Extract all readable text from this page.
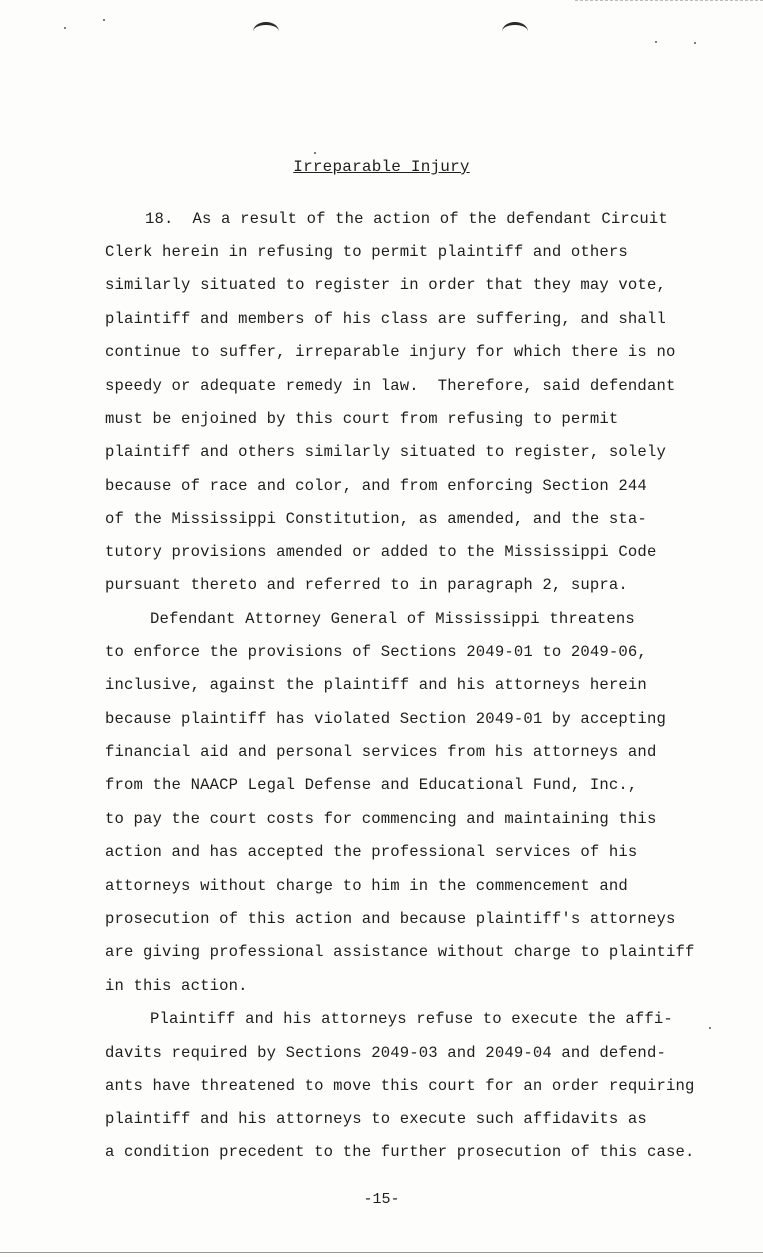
Irreparable Injury
18.  As a result of the action of the defendant Circuit
Clerk herein in refusing to permit plaintiff and others
similarly situated to register in order that they may vote,
plaintiff and members of his class are suffering, and shall
continue to suffer, irreparable injury for which there is no
speedy or adequate remedy in law.  Therefore, said defendant
must be enjoined by this court from refusing to permit
plaintiff and others similarly situated to register, solely
because of race and color, and from enforcing Section 244
of the Mississippi Constitution, as amended, and the sta-
tutory provisions amended or added to the Mississippi Code
pursuant thereto and referred to in paragraph 2, supra.
Defendant Attorney General of Mississippi threatens
to enforce the provisions of Sections 2049-01 to 2049-06,
inclusive, against the plaintiff and his attorneys herein
because plaintiff has violated Section 2049-01 by accepting
financial aid and personal services from his attorneys and
from the NAACP Legal Defense and Educational Fund, Inc.,
to pay the court costs for commencing and maintaining this
action and has accepted the professional services of his
attorneys without charge to him in the commencement and
prosecution of this action and because plaintiff's attorneys
are giving professional assistance without charge to plaintiff
in this action.
Plaintiff and his attorneys refuse to execute the affi-
davits required by Sections 2049-03 and 2049-04 and defend-
ants have threatened to move this court for an order requiring
plaintiff and his attorneys to execute such affidavits as
a condition precedent to the further prosecution of this case.
-15-
